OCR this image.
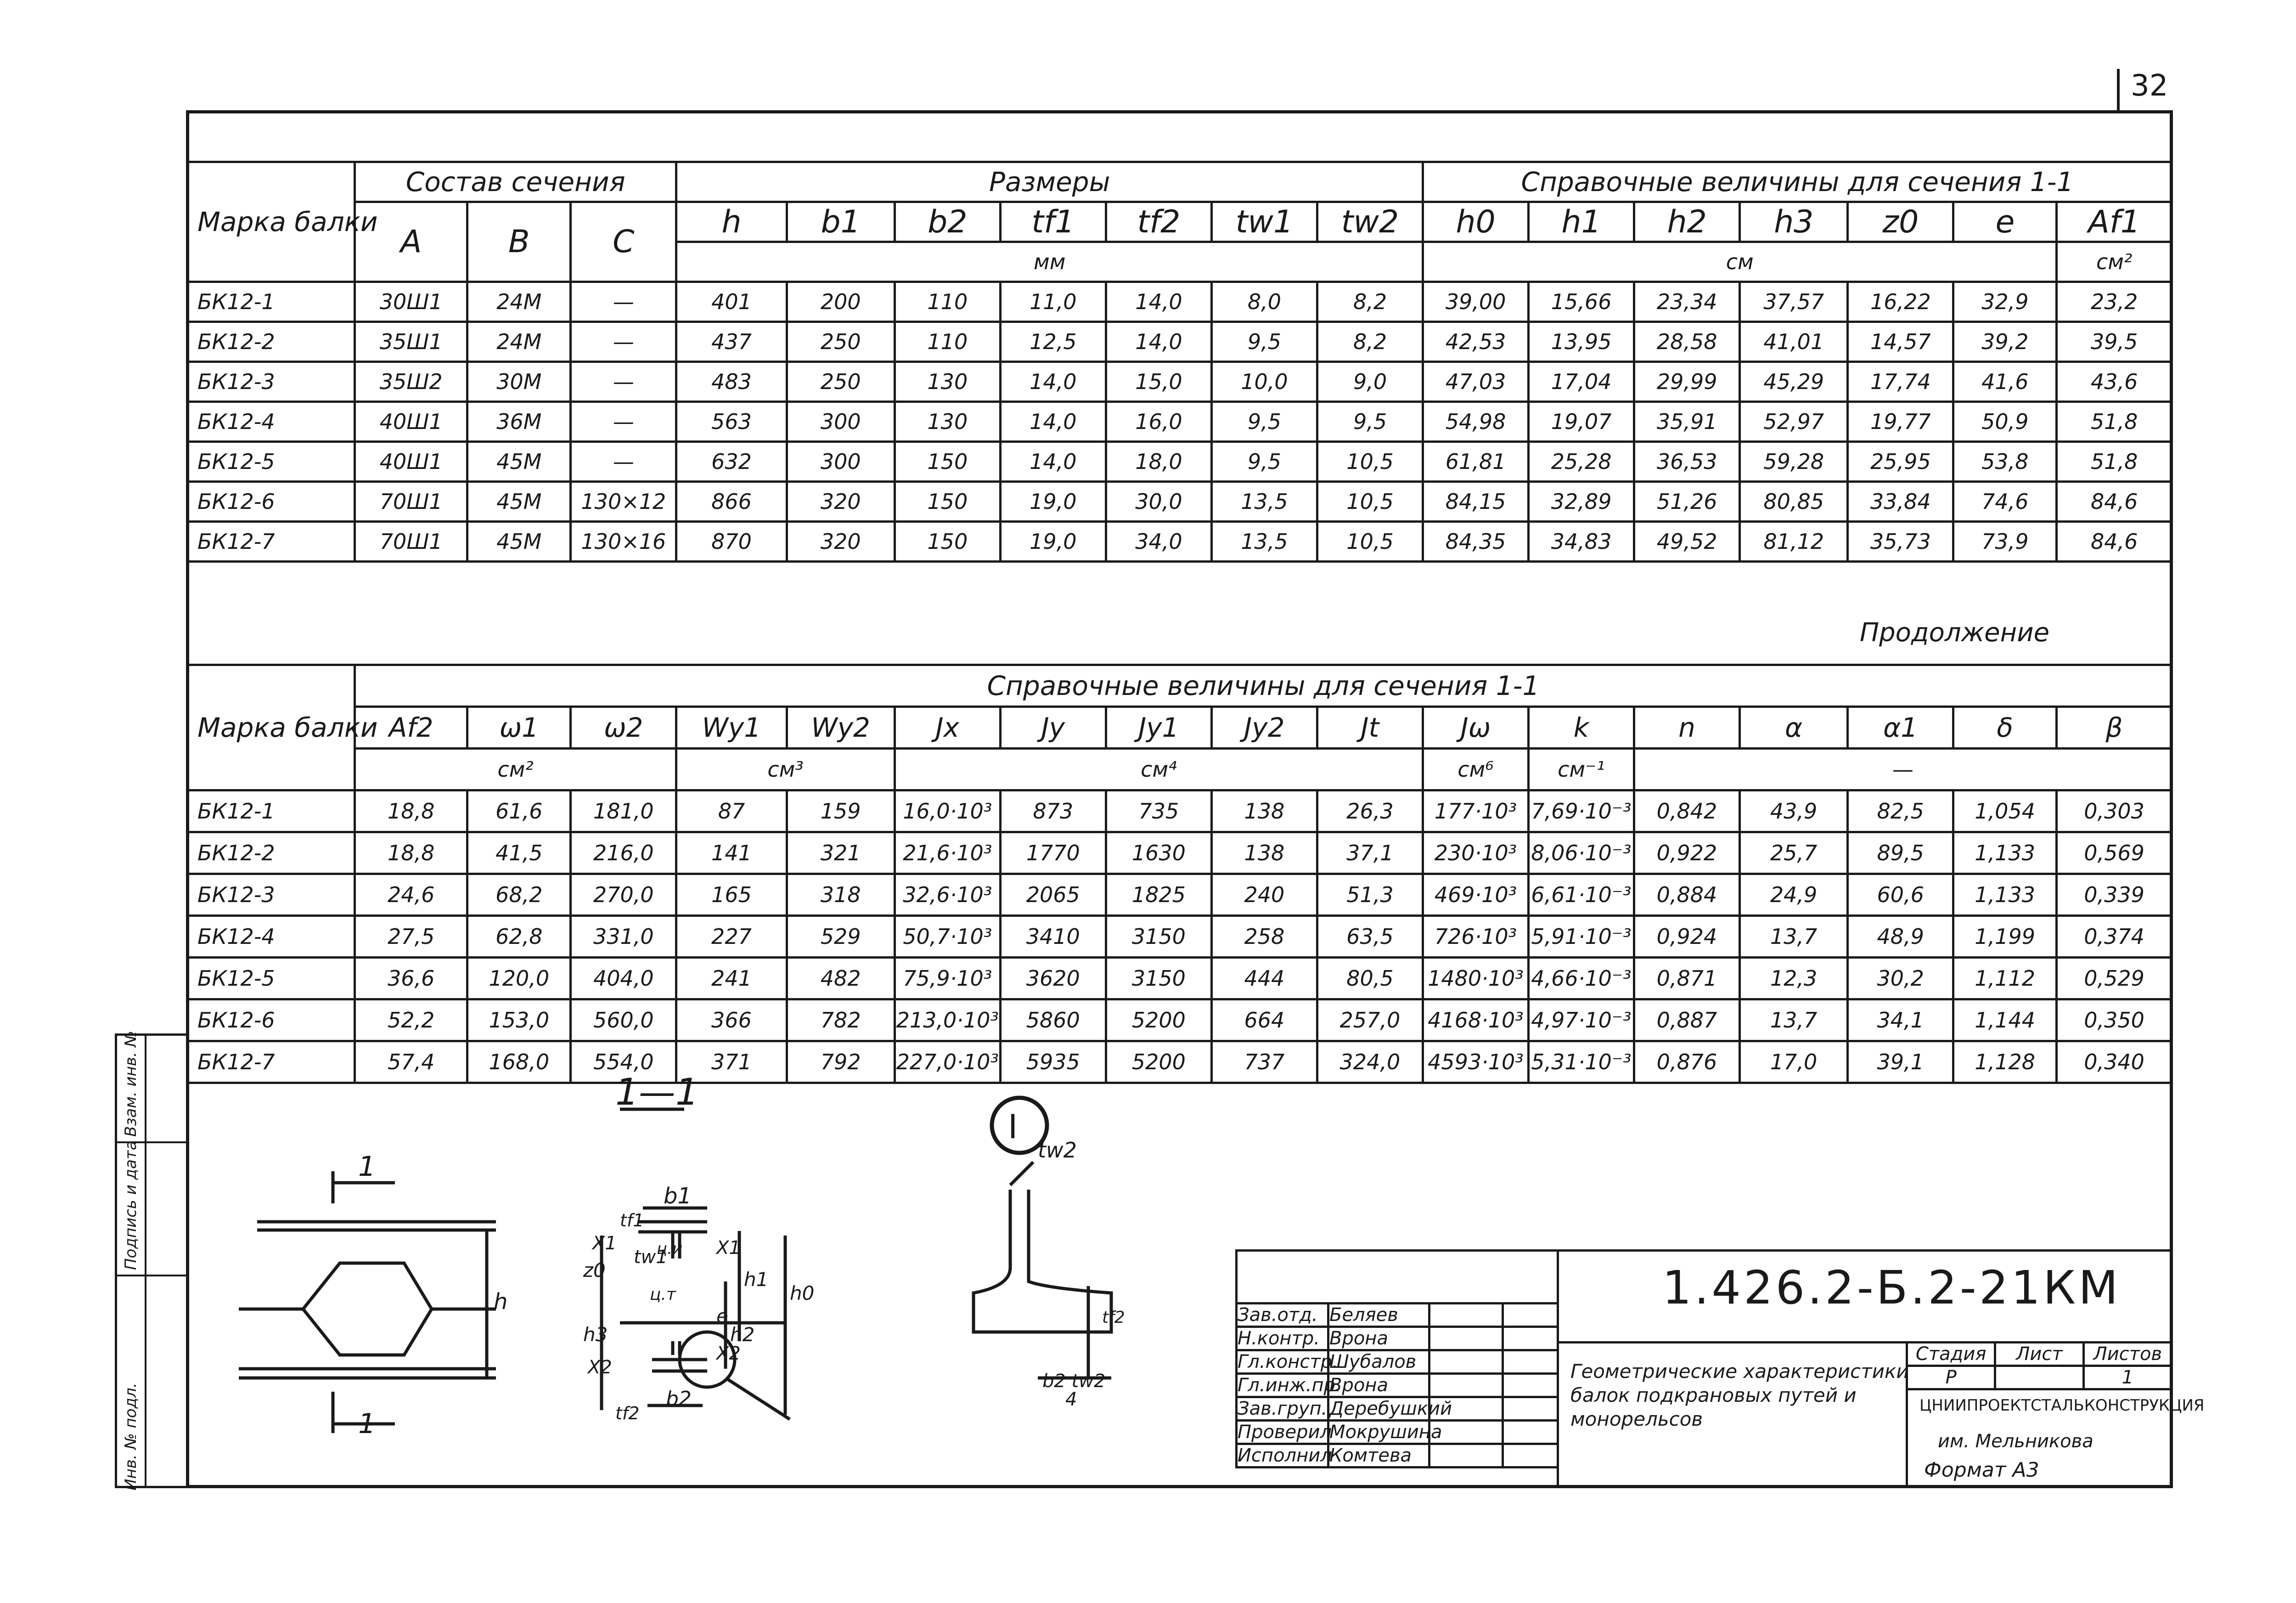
32
Марка балки	Состав сечения			Размеры							Справочные величины для сечения 1-1						
	A	B	C	h	b1	b2	tf1	tf2	tw1	tw2	h0	h1	h2	h3	z0	e	Af1
				мм							см						см²
БК12-1	30Ш1	24М	—	401	200	110	11,0	14,0	8,0	8,2	39,00	15,66	23,34	37,57	16,22	32,9	23,2
БК12-2	35Ш1	24М	—	437	250	110	12,5	14,0	9,5	8,2	42,53	13,95	28,58	41,01	14,57	39,2	39,5
БК12-3	35Ш2	30М	—	483	250	130	14,0	15,0	10,0	9,0	47,03	17,04	29,99	45,29	17,74	41,6	43,6
БК12-4	40Ш1	36М	—	563	300	130	14,0	16,0	9,5	9,5	54,98	19,07	35,91	52,97	19,77	50,9	51,8
БК12-5	40Ш1	45М	—	632	300	150	14,0	18,0	9,5	10,5	61,81	25,28	36,53	59,28	25,95	53,8	51,8
БК12-6	70Ш1	45М	130×12	866	320	150	19,0	30,0	13,5	10,5	84,15	32,89	51,26	80,85	33,84	74,6	84,6
БК12-7	70Ш1	45М	130×16	870	320	150	19,0	34,0	13,5	10,5	84,35	34,83	49,52	81,12	35,73	73,9	84,6
Продолжение
Марка балки	Справочные величины для сечения 1-1																
	Af2	ω1	ω2	Wy1	Wy2	Jx	Jy	Jy1	Jy2	Jt	Jω	k	n	α	α1	δ	β
	см²			см³		см⁴					см⁶	см⁻¹	—				
БК12-1	18,8	61,6	181,0	87	159	16,0·10³	873	735	138	26,3	177·10³	7,69·10⁻³	0,842	43,9	82,5	1,054	0,303
БК12-2	18,8	41,5	216,0	141	321	21,6·10³	1770	1630	138	37,1	230·10³	8,06·10⁻³	0,922	25,7	89,5	1,133	0,569
БК12-3	24,6	68,2	270,0	165	318	32,6·10³	2065	1825	240	51,3	469·10³	6,61·10⁻³	0,884	24,9	60,6	1,133	0,339
БК12-4	27,5	62,8	331,0	227	529	50,7·10³	3410	3150	258	63,5	726·10³	5,91·10⁻³	0,924	13,7	48,9	1,199	0,374
БК12-5	36,6	120,0	404,0	241	482	75,9·10³	3620	3150	444	80,5	1480·10³	4,66·10⁻³	0,871	12,3	30,2	1,112	0,529
БК12-6	52,2	153,0	560,0	366	782	213,0·10³	5860	5200	664	257,0	4168·10³	4,97·10⁻³	0,887	13,7	34,1	1,144	0,350
БК12-7	57,4	168,0	554,0	371	792	227,0·10³	5935	5200	737	324,0	4593·10³	5,31·10⁻³	0,876	17,0	39,1	1,128	0,340
Инв. № подл.
Подпись и дата
Взам. инв. №	1—1
I
1
1
h
b1
b2
tf1
tf2
tw1
z0
h3
h1
h2
h0
e
X1	X1
X2
X2
ц.и
ц.т
tw2
tf2
b2 tw2
4

Зав.отд.	Беляев		
Н.контр.	Врона		
Гл.констр.	Шубалов		
Гл.инж.пр.	Врона		
Зав.груп.	Деребушкий		
Проверил	Мокрушина		
Исполнил	Комтева		
Стадия	Лист	Листов
Р		1
1.426.2-Б.2-21КМ
Геометрические характеристики балок подкрановых путей и монорельсов
ЦНИИПРОЕКТСТАЛЬКОНСТРУКЦИЯ
им. Мельникова
Формат А3
